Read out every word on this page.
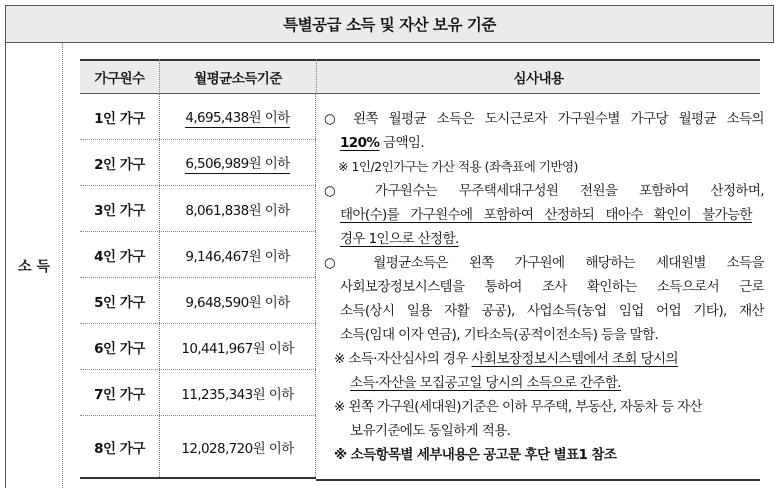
특별공급 소득 및 자산 보유 기준
소 득
가구원수	월평균소득기준	심사내용
1인 가구	4,695,438원 이하
2인 가구	6,506,989원 이하
3인 가구	8,061,838원 이하
4인 가구	9,146,467원 이하
5인 가구	9,648,590원 이하
6인 가구	10,441,967원 이하
7인 가구	11,235,343원 이하
8인 가구	12,028,720원 이하
○ 왼쪽 월평균 소득은 도시근로자 가구원수별 가구당 월평균 소득의
120% 금액임.
※ 1인/2인가구는 가산 적용 (좌측표에 기반영)
○ 가구원수는 무주택세대구성원 전원을 포함하여 산정하며,
태아(수)를 가구원수에 포함하여 산정하되 태아수 확인이 불가능한
경우 1인으로 산정함.
○ 월평균소득은 왼쪽 가구원에 해당하는 세대원별 소득을
사회보장정보시스템을 통하여 조사 확인하는 소득으로서 근로
소득(상시 일용 자활 공공), 사업소득(농업 임업 어업 기타), 재산
소득(임대 이자 연금), 기타소득(공적이전소득) 등을 말함.
※ 소득·자산심사의 경우 사회보장정보시스템에서 조회 당시의
소득·자산을 모집공고일 당시의 소득으로 간주함.
※ 왼쪽 가구원(세대원)기준은 이하 무주택, 부동산, 자동차 등 자산
보유기준에도 동일하게 적용.
※ 소득항목별 세부내용은 공고문 후단 별표1 참조
